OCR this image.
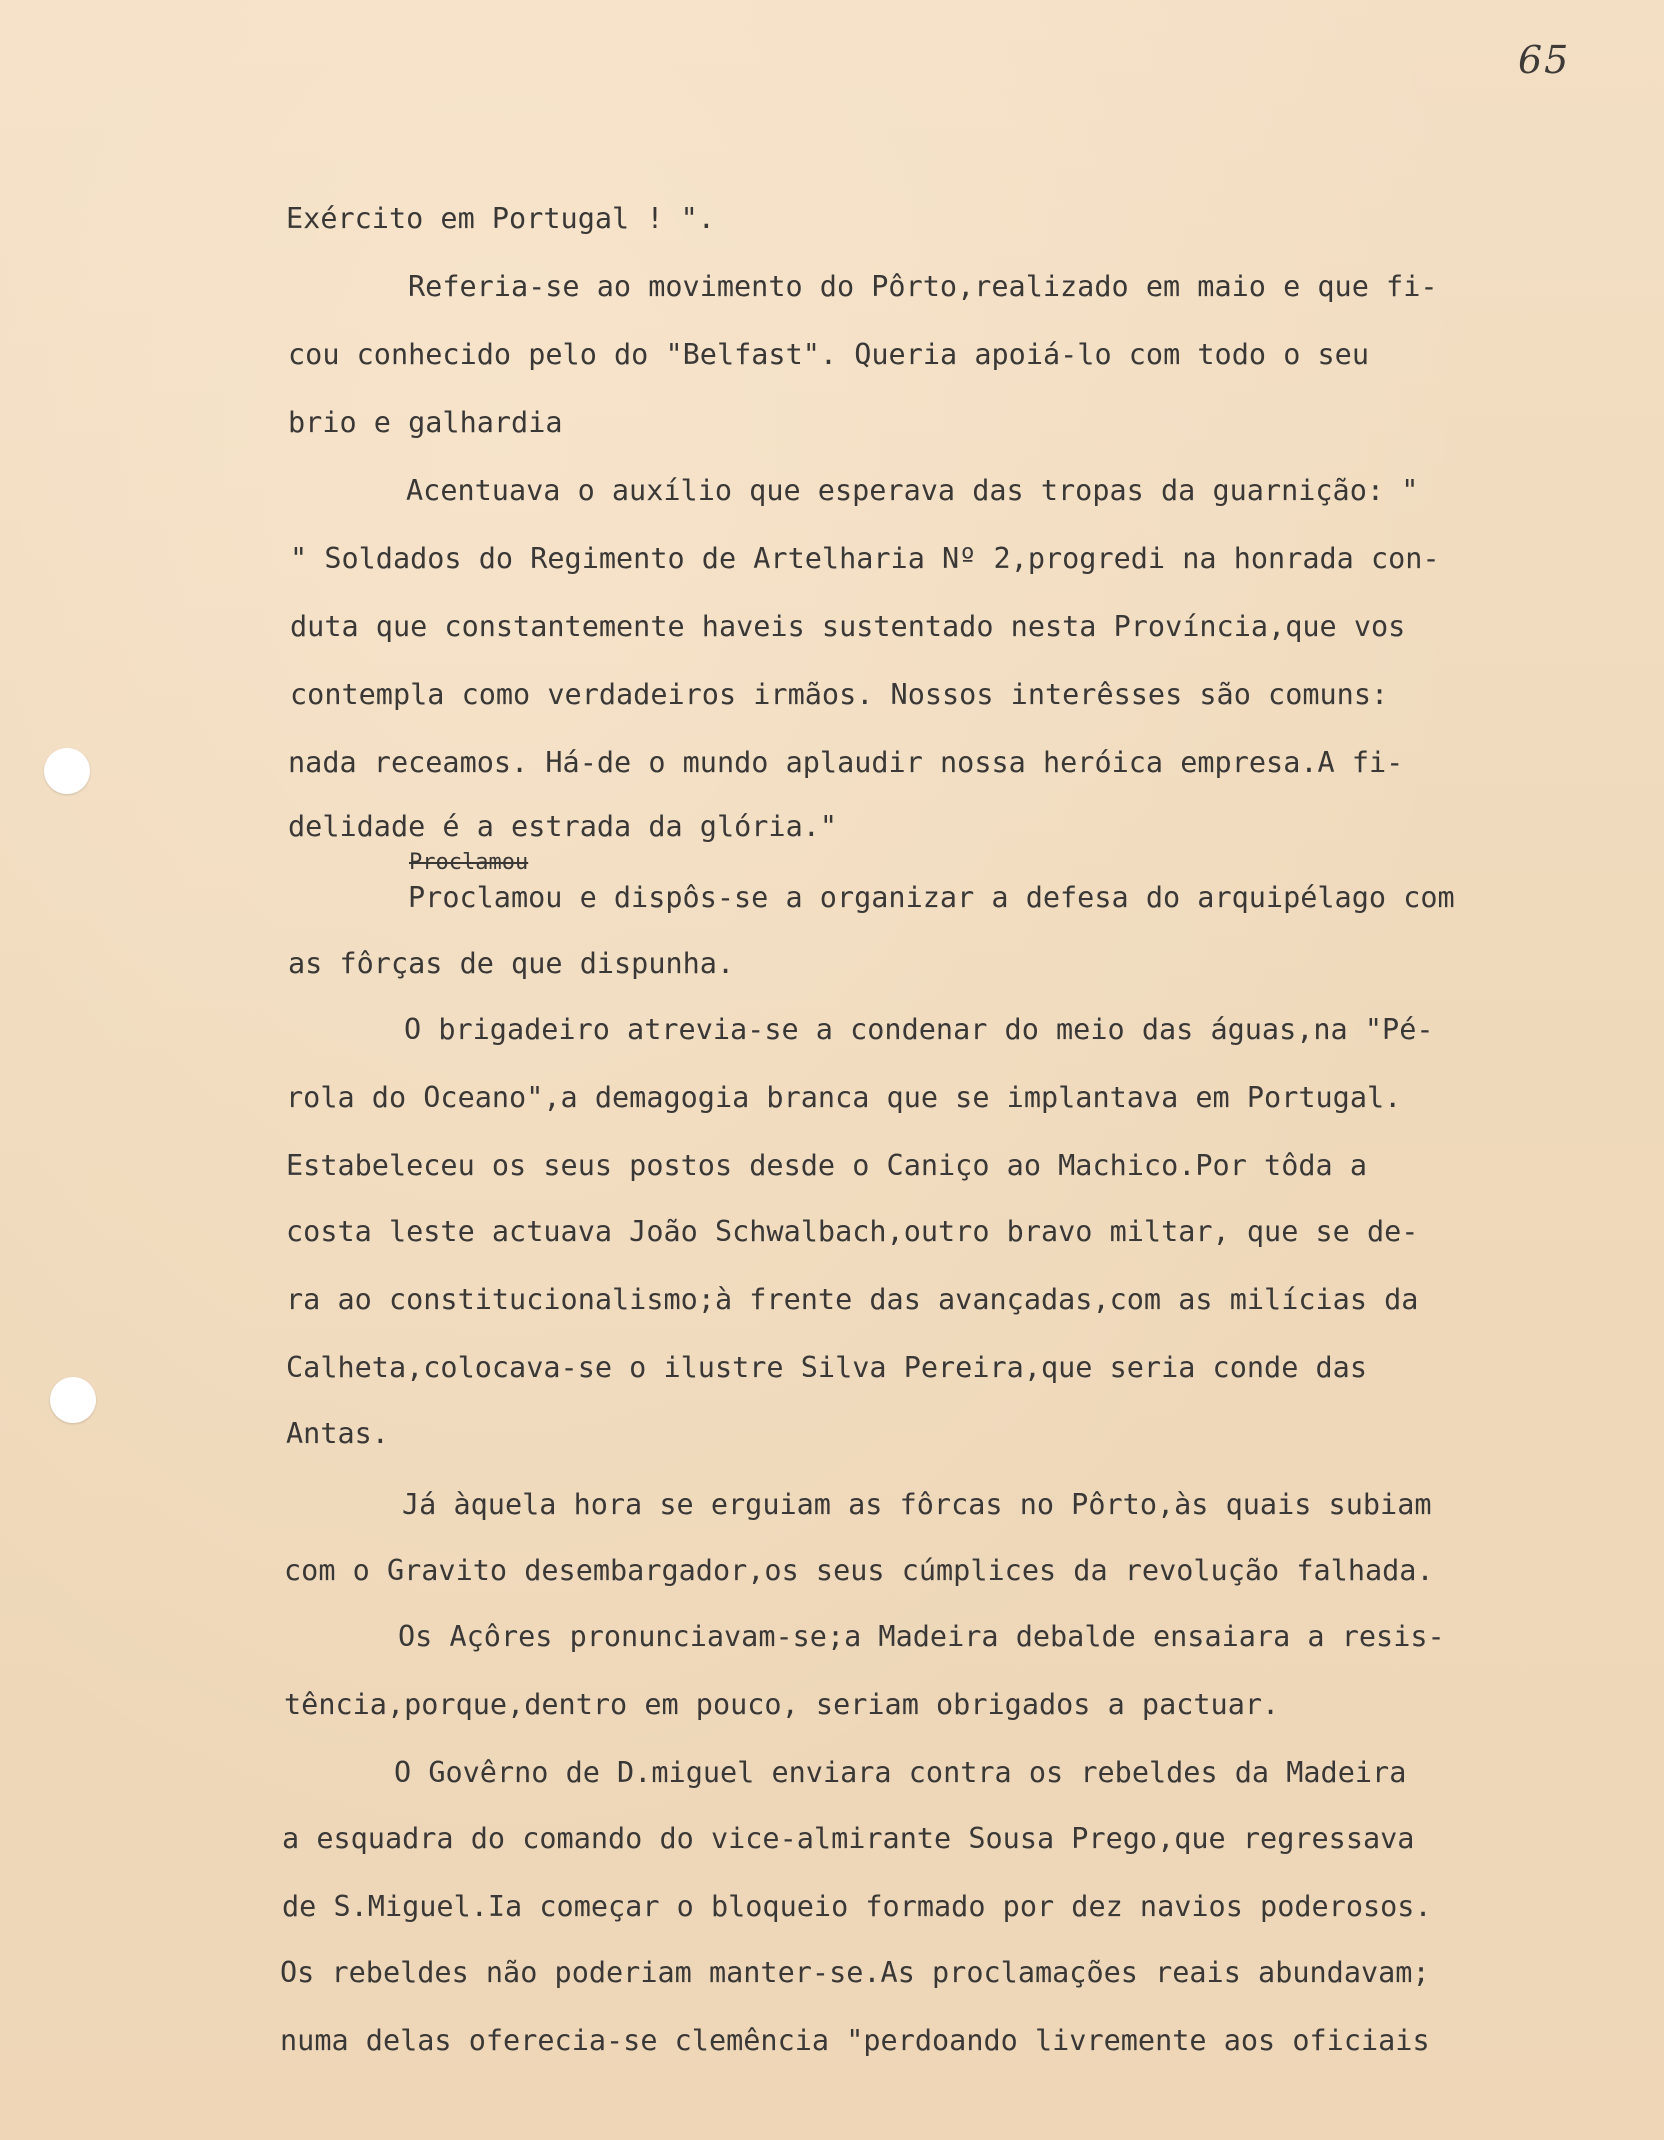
65
Exército em Portugal ! ".
Referia-se ao movimento do Pôrto,realizado em maio e que fi-
cou conhecido pelo do "Belfast". Queria apoiá-lo com todo o seu
brio e galhardia
Acentuava o auxílio que esperava das tropas da guarnição: "
" Soldados do Regimento de Artelharia Nº 2,progredi na honrada con-
duta que constantemente haveis sustentado nesta Província,que vos
contempla como verdadeiros irmãos. Nossos interêsses são comuns:
nada receamos. Há-de o mundo aplaudir nossa heróica empresa.A fi-
delidade é a estrada da glória."
Proclamou
Proclamou e dispôs-se a organizar a defesa do arquipélago com
as fôrças de que dispunha.
O brigadeiro atrevia-se a condenar do meio das águas,na "Pé-
rola do Oceano",a demagogia branca que se implantava em Portugal.
Estabeleceu os seus postos desde o Caniço ao Machico.Por tôda a
costa leste actuava João Schwalbach,outro bravo miltar, que se de-
ra ao constitucionalismo;à frente das avançadas,com as milícias da
Calheta,colocava-se o ilustre Silva Pereira,que seria conde das
Antas.
Já àquela hora se erguiam as fôrcas no Pôrto,às quais subiam
com o Gravito desembargador,os seus cúmplices da revolução falhada.
Os Açôres pronunciavam-se;a Madeira debalde ensaiara a resis-
tência,porque,dentro em pouco, seriam obrigados a pactuar.
O Govêrno de D.miguel enviara contra os rebeldes da Madeira
a esquadra do comando do vice-almirante Sousa Prego,que regressava
de S.Miguel.Ia começar o bloqueio formado por dez navios poderosos.
Os rebeldes não poderiam manter-se.As proclamações reais abundavam;
numa delas oferecia-se clemência "perdoando livremente aos oficiais
